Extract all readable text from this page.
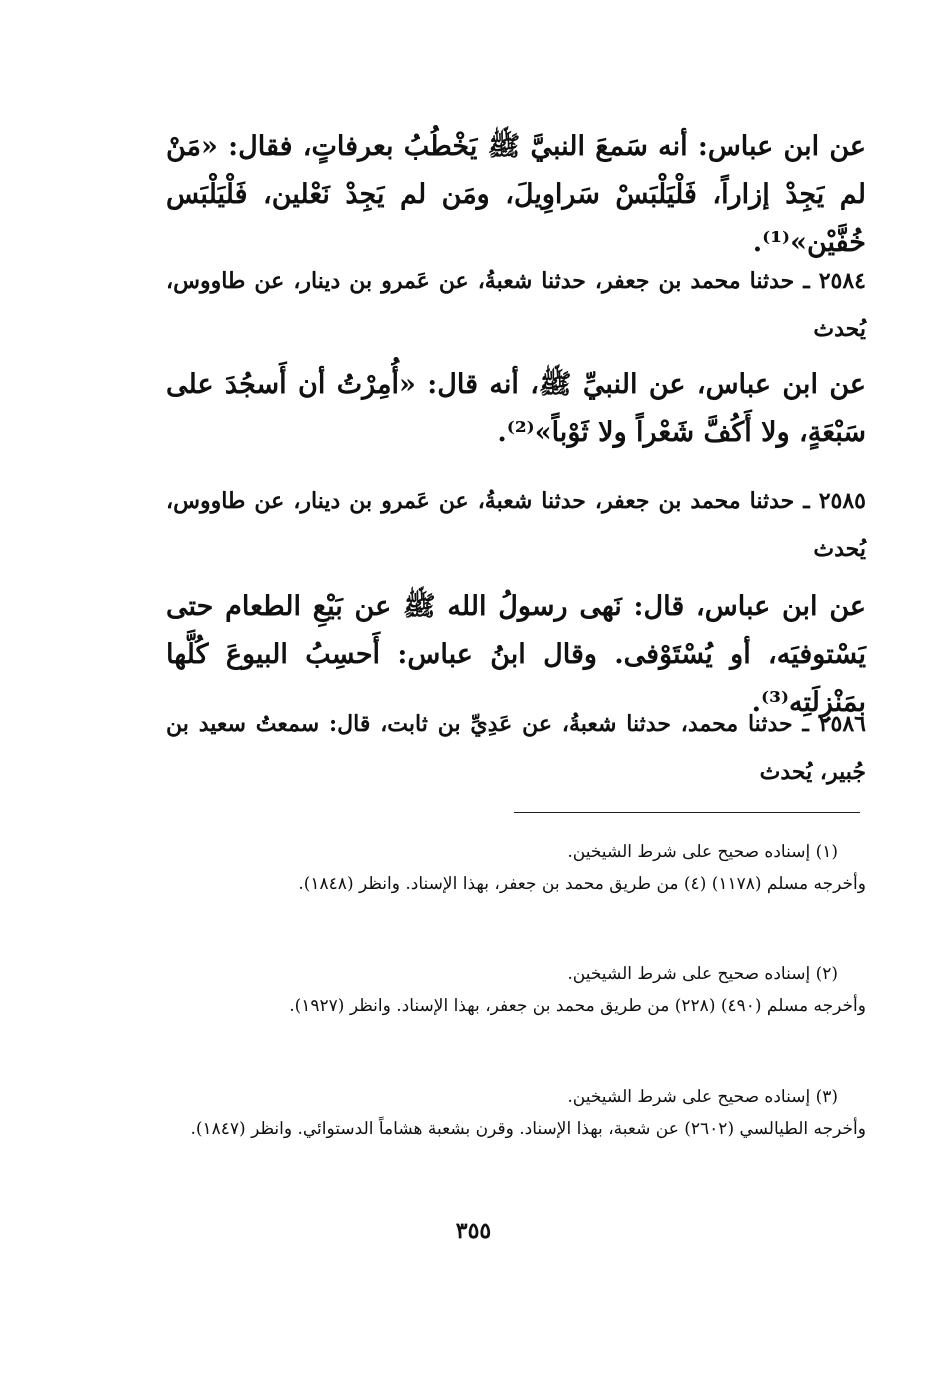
عن ابن عباس: أنه سَمعَ النبيَّ ﷺ يَخْطُبُ بعرفاتٍ، فقال: «مَنْ لم يَجِدْ إزاراً، فَلْيَلْبَسْ سَراوِيلَ، ومَن لم يَجِدْ نَعْلين، فَلْيَلْبَس خُفَّيْن»⁽¹⁾.

٢٥٨٤ ـ حدثنا محمد بن جعفر، حدثنا شعبةُ، عن عَمرو بن دينار، عن طاووس، يُحدث

عن ابن عباس، عن النبيِّ ﷺ، أنه قال: «أُمِرْتُ أن أَسجُدَ على سَبْعَةٍ، ولا أَكُفَّ شَعْراً ولا ثَوْباً»⁽²⁾.

٢٥٨٥ ـ حدثنا محمد بن جعفر، حدثنا شعبةُ، عن عَمرو بن دينار، عن طاووس، يُحدث

عن ابن عباس، قال: نَهى رسولُ الله ﷺ عن بَيْعِ الطعام حتى يَسْتوفيَه، أو يُسْتَوْفى. وقال ابنُ عباس: أَحسِبُ البيوعَ كُلَّها بمَنْزِلَتِه⁽³⁾.

٢٥٨٦ ـ حدثنا محمد، حدثنا شعبةُ، عن عَدِيِّ بن ثابت، قال: سمعتُ سعيد بن جُبير، يُحدث

(١) إسناده صحيح على شرط الشيخين.
وأخرجه مسلم (١١٧٨) (٤) من طريق محمد بن جعفر، بهذا الإسناد. وانظر (١٨٤٨).
(٢) إسناده صحيح على شرط الشيخين.
وأخرجه مسلم (٤٩٠) (٢٢٨) من طريق محمد بن جعفر، بهذا الإسناد. وانظر (١٩٢٧).
(٣) إسناده صحيح على شرط الشيخين.
وأخرجه الطيالسي (٢٦٠٢) عن شعبة، بهذا الإسناد. وقرن بشعبة هشاماً الدستوائي. وانظر (١٨٤٧).
٣٥٥
